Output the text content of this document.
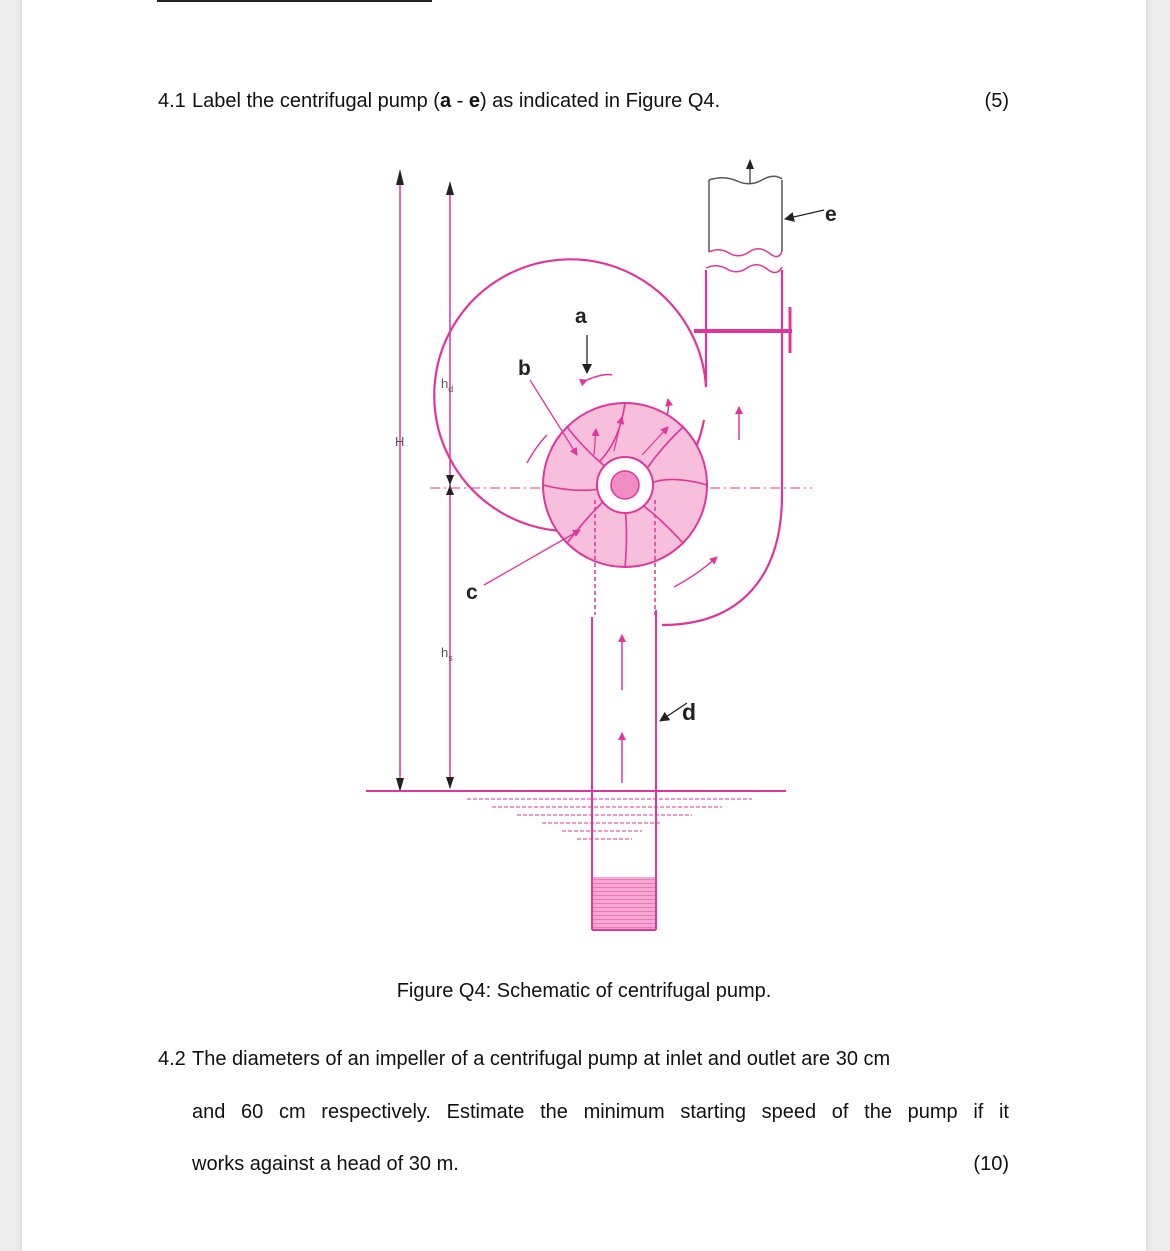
4.1 Label the centrifugal pump (a - e) as indicated in Figure Q4.	(5)
a
b
c
d
e
H
$h_d$
$h_s$
Figure Q4: Schematic of centrifugal pump.
4.2 The diameters of an impeller of a centrifugal pump at inlet and outlet are 30 cm
and 60 cm respectively. Estimate the minimum starting speed of the pump if it
works against a head of 30 m.	(10)
